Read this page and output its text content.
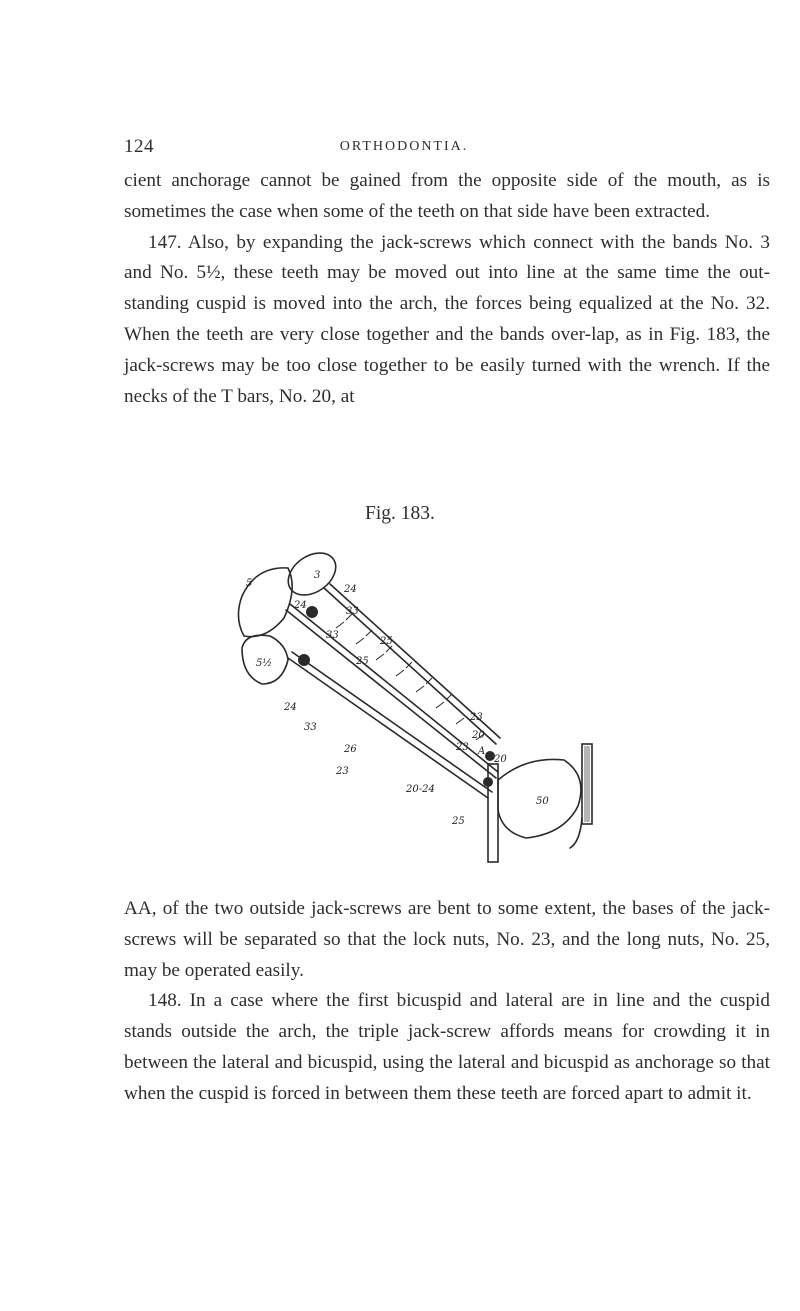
124	ORTHODONTIA.

cient anchorage cannot be gained from the opposite side of the mouth, as is sometimes the case when some of the teeth on that side have been extracted.

147. Also, by expanding the jack-screws which connect with the bands No. 3 and No. 5½, these teeth may be moved out into line at the same time the out-standing cuspid is moved into the arch, the forces being equalized at the No. 32. When the teeth are very close together and the bands over-lap, as in Fig. 183, the jack-screws may be too close together to be easily turned with the wrench. If the necks of the T bars, No. 20, at

Fig. 183.
3
5
24
24
33
33
5½
25
25
24
33
26
23
20
23 A
20
23
20-24
25
50

AA, of the two outside jack-screws are bent to some extent, the bases of the jack-screws will be separated so that the lock nuts, No. 23, and the long nuts, No. 25, may be operated easily.

148. In a case where the first bicuspid and lateral are in line and the cuspid stands outside the arch, the triple jack-screw affords means for crowding it in between the lateral and bicuspid, using the lateral and bicuspid as anchorage so that when the cuspid is forced in between them these teeth are forced apart to admit it.
